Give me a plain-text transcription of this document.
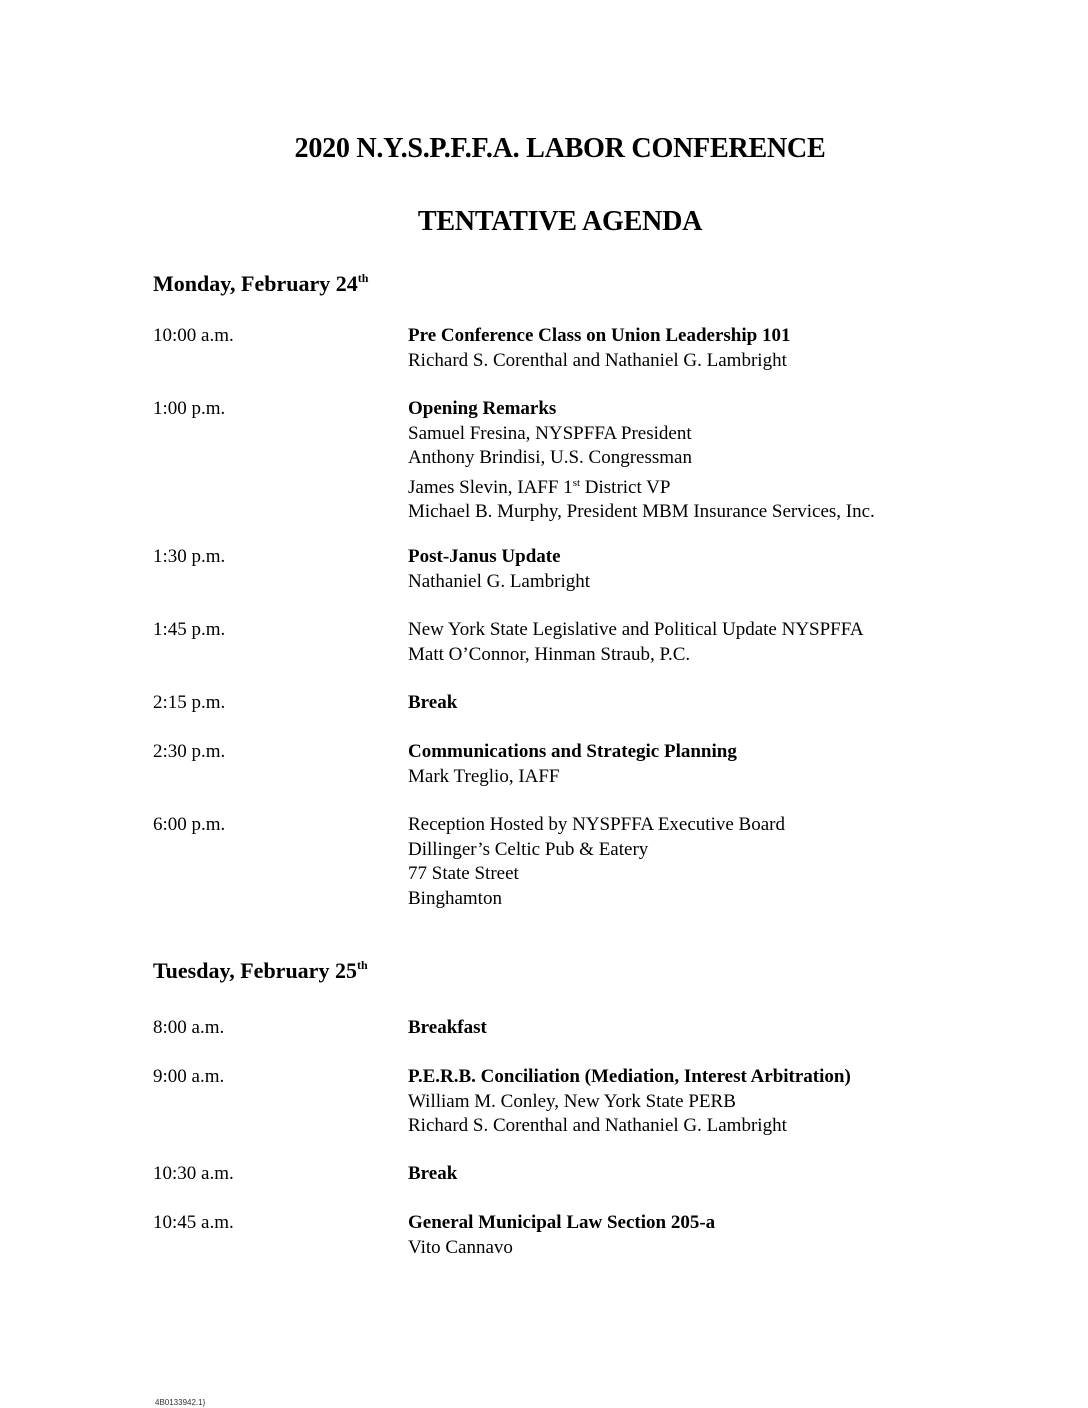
2020 N.Y.S.P.F.F.A. LABOR CONFERENCE
TENTATIVE AGENDA
Monday, February 24th
10:00 a.m.	Pre Conference Class on Union Leadership 101
Richard S. Corenthal and Nathaniel G. Lambright
1:00 p.m.	Opening Remarks
Samuel Fresina, NYSPFFA President
Anthony Brindisi, U.S. Congressman
James Slevin, IAFF 1st District VP
Michael B. Murphy, President MBM Insurance Services, Inc.
1:30 p.m.	Post-Janus Update
Nathaniel G. Lambright
1:45 p.m.	New York State Legislative and Political Update NYSPFFA
Matt O’Connor, Hinman Straub, P.C.
2:15 p.m.	Break
2:30 p.m.	Communications and Strategic Planning
Mark Treglio, IAFF
6:00 p.m.	Reception Hosted by NYSPFFA Executive Board
Dillinger’s Celtic Pub & Eatery
77 State Street
Binghamton
Tuesday, February 25th
8:00 a.m.	Breakfast
9:00 a.m.	P.E.R.B. Conciliation (Mediation, Interest Arbitration)
William M. Conley, New York State PERB
Richard S. Corenthal and Nathaniel G. Lambright
10:30 a.m.	Break
10:45 a.m.	General Municipal Law Section 205-a
Vito Cannavo
4B0133942.1}
